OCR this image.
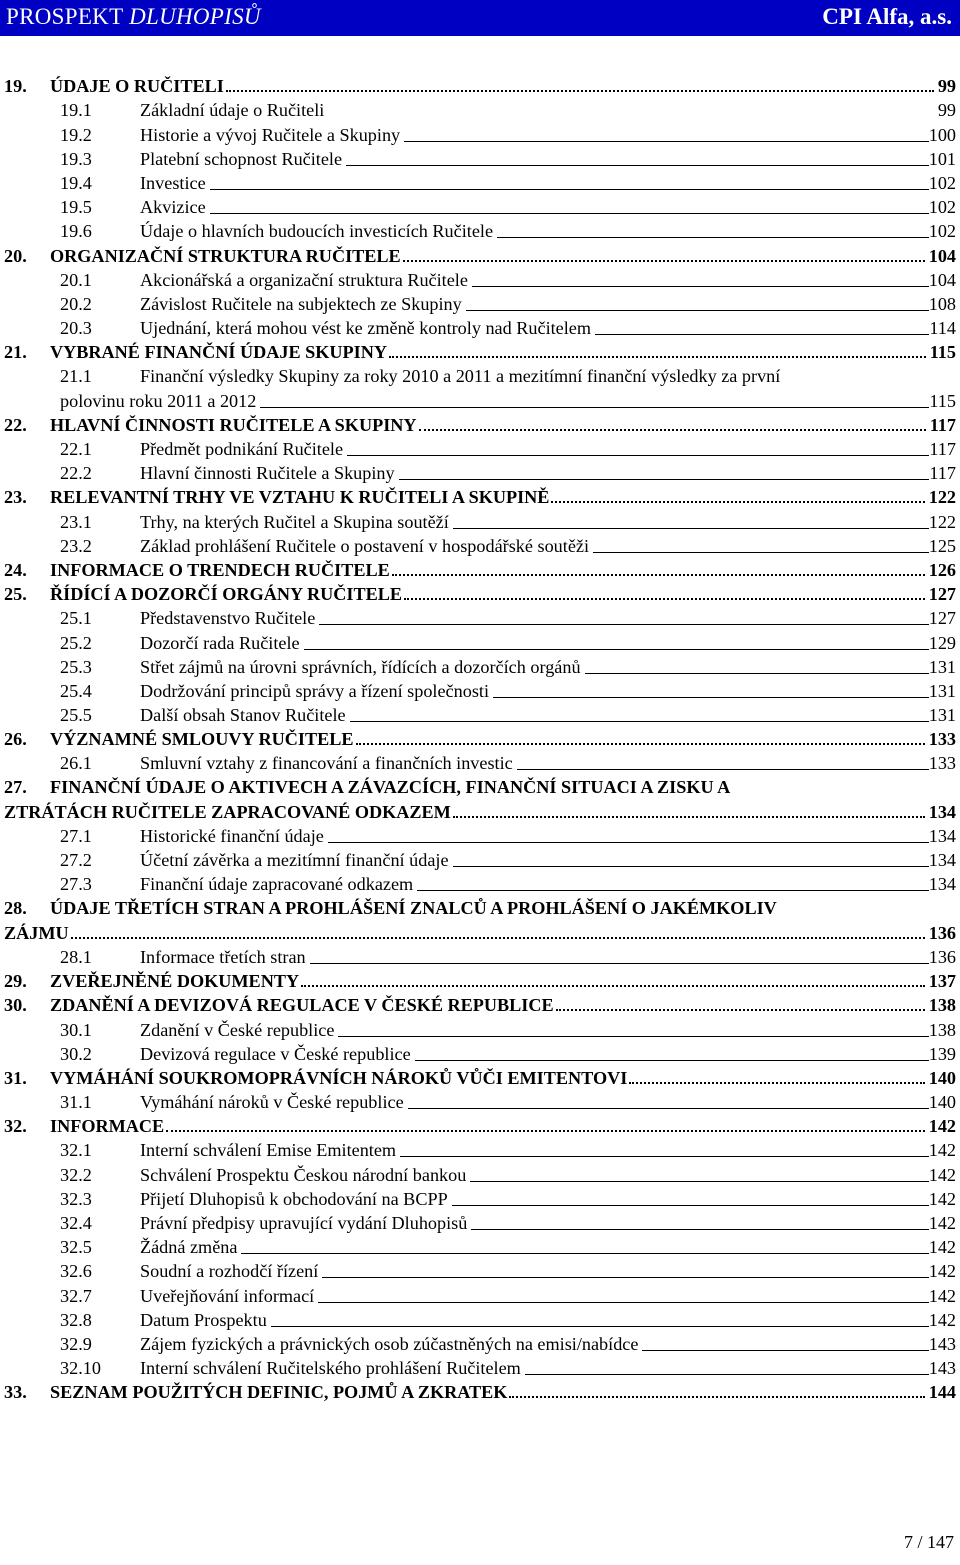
PROSPEKT DLUHOPISŮ	CPI Alfa, a.s.
19.	ÚDAJE O RUČITELI	99
19.1	Základní údaje o Ručiteli	99
19.2	Historie a vývoj Ručitele a Skupiny	100
19.3	Platební schopnost Ručitele	101
19.4	Investice	102
19.5	Akvizice	102
19.6	Údaje o hlavních budoucích investicích Ručitele	102
20.	ORGANIZAČNÍ STRUKTURA RUČITELE	104
20.1	Akcionářská a organizační struktura Ručitele	104
20.2	Závislost Ručitele na subjektech ze Skupiny	108
20.3	Ujednání, která mohou vést ke změně kontroly nad Ručitelem	114
21.	VYBRANÉ FINANČNÍ ÚDAJE SKUPINY	115
21.1	Finanční výsledky Skupiny za roky 2010 a 2011 a mezitímní finanční výsledky za první
polovinu roku 2011 a 2012	115
22.	HLAVNÍ ČINNOSTI RUČITELE A SKUPINY	117
22.1	Předmět podnikání Ručitele	117
22.2	Hlavní činnosti Ručitele a Skupiny	117
23.	RELEVANTNÍ TRHY VE VZTAHU K RUČITELI A SKUPINĚ	122
23.1	Trhy, na kterých Ručitel a Skupina soutěží	122
23.2	Základ prohlášení Ručitele o postavení v hospodářské soutěži	125
24.	INFORMACE O TRENDECH RUČITELE	126
25.	ŘÍDÍCÍ A DOZORČÍ ORGÁNY RUČITELE	127
25.1	Představenstvo Ručitele	127
25.2	Dozorčí rada Ručitele	129
25.3	Střet zájmů na úrovni správních, řídících a dozorčích orgánů	131
25.4	Dodržování principů správy a řízení společnosti	131
25.5	Další obsah Stanov Ručitele	131
26.	VÝZNAMNÉ SMLOUVY RUČITELE	133
26.1	Smluvní vztahy z financování a finančních investic	133
27. FINANČNÍ ÚDAJE O AKTIVECH A ZÁVAZCÍCH, FINANČNÍ SITUACI A ZISKU A
ZTRÁTÁCH RUČITELE ZAPRACOVANÉ ODKAZEM	134
27.1	Historické finanční údaje	134
27.2	Účetní závěrka a mezitímní finanční údaje	134
27.3	Finanční údaje zapracované odkazem	134
28. ÚDAJE TŘETÍCH STRAN A PROHLÁŠENÍ ZNALCŮ A PROHLÁŠENÍ O JAKÉMKOLIV
ZÁJMU	136
28.1	Informace třetích stran	136
29.	ZVEŘEJNĚNÉ DOKUMENTY	137
30.	ZDANĚNÍ A DEVIZOVÁ REGULACE V ČESKÉ REPUBLICE	138
30.1	Zdanění v České republice	138
30.2	Devizová regulace v České republice	139
31.	VYMÁHÁNÍ SOUKROMOPRÁVNÍCH NÁROKŮ VŮČI EMITENTOVI	140
31.1	Vymáhání nároků v České republice	140
32.	INFORMACE	142
32.1	Interní schválení Emise Emitentem	142
32.2	Schválení Prospektu Českou národní bankou	142
32.3	Přijetí Dluhopisů k obchodování na BCPP	142
32.4	Právní předpisy upravující vydání Dluhopisů	142
32.5	Žádná změna	142
32.6	Soudní a rozhodčí řízení	142
32.7	Uveřejňování informací	142
32.8	Datum Prospektu	142
32.9	Zájem fyzických a právnických osob zúčastněných na emisi/nabídce	143
32.10	Interní schválení Ručitelského prohlášení Ručitelem	143
33.	SEZNAM POUŽITÝCH DEFINIC, POJMŮ A ZKRATEK	144
7 / 147
